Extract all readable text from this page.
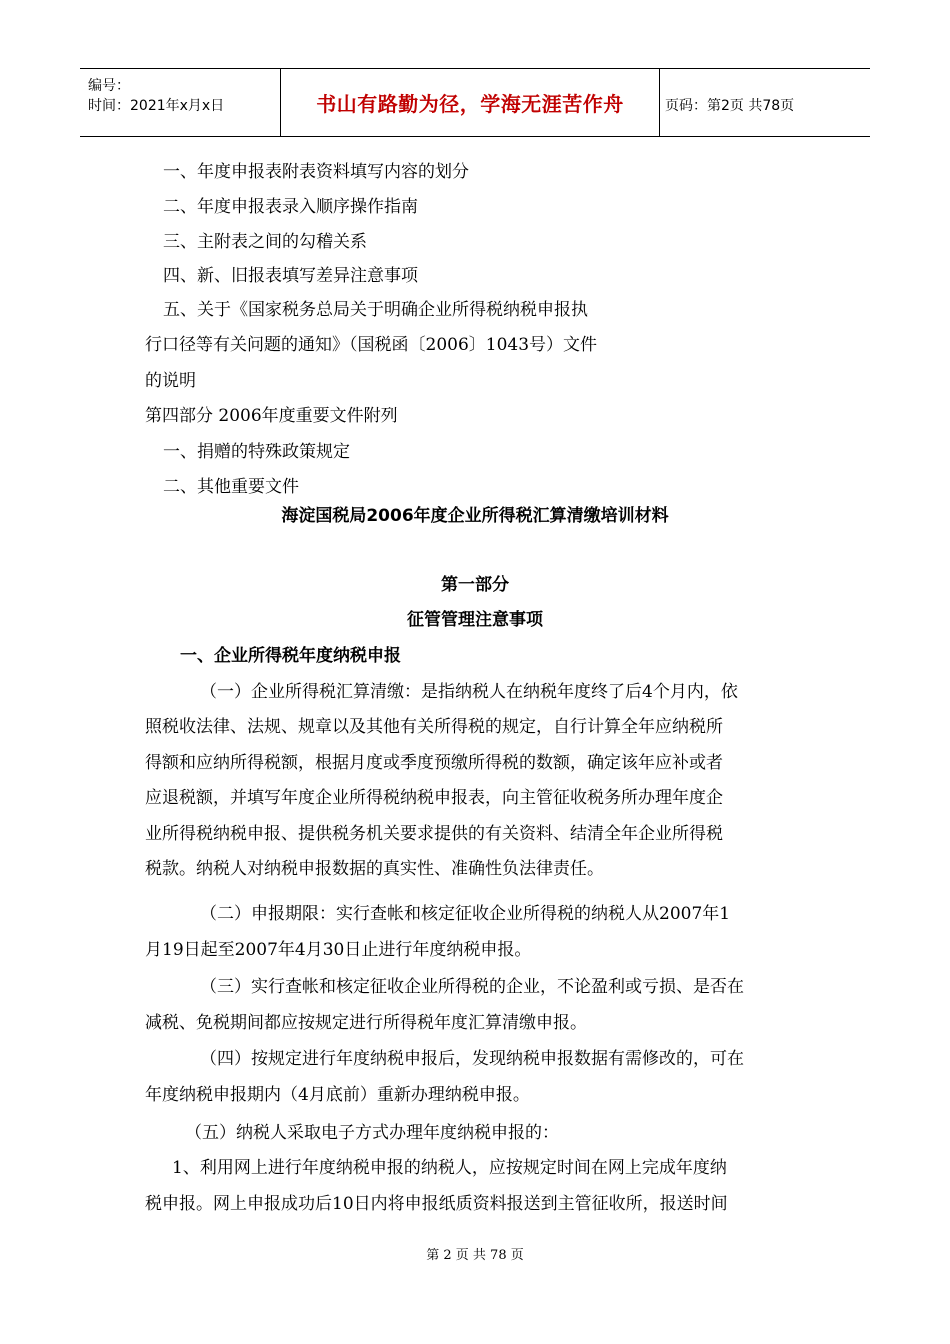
编号：
时间：2021年x月x日	书山有路勤为径，学海无涯苦作舟	页码：第2页 共78页
一、年度申报表附表资料填写内容的划分
二、年度申报表录入顺序操作指南
三、主附表之间的勾稽关系
四、新、旧报表填写差异注意事项
五、关于《国家税务总局关于明确企业所得税纳税申报执
行口径等有关问题的通知》（国税函〔2006〕1043号）文件
的说明
第四部分 2006年度重要文件附列
一、捐赠的特殊政策规定
二、其他重要文件
海淀国税局2006年度企业所得税汇算清缴培训材料
第一部分
征管管理注意事项
一、企业所得税年度纳税申报
（一）企业所得税汇算清缴：是指纳税人在纳税年度终了后4个月内，依
照税收法律、法规、规章以及其他有关所得税的规定，自行计算全年应纳税所
得额和应纳所得税额，根据月度或季度预缴所得税的数额，确定该年应补或者
应退税额，并填写年度企业所得税纳税申报表，向主管征收税务所办理年度企
业所得税纳税申报、提供税务机关要求提供的有关资料、结清全年企业所得税
税款。纳税人对纳税申报数据的真实性、准确性负法律责任。
（二）申报期限：实行查帐和核定征收企业所得税的纳税人从2007年1
月19日起至2007年4月30日止进行年度纳税申报。
（三）实行查帐和核定征收企业所得税的企业，不论盈利或亏损、是否在
减税、免税期间都应按规定进行所得税年度汇算清缴申报。
（四）按规定进行年度纳税申报后，发现纳税申报数据有需修改的，可在
年度纳税申报期内（4月底前）重新办理纳税申报。
（五）纳税人采取电子方式办理年度纳税申报的：
1、利用网上进行年度纳税申报的纳税人，应按规定时间在网上完成年度纳
税申报。网上申报成功后10日内将申报纸质资料报送到主管征收所，报送时间
第 2 页 共 78 页
